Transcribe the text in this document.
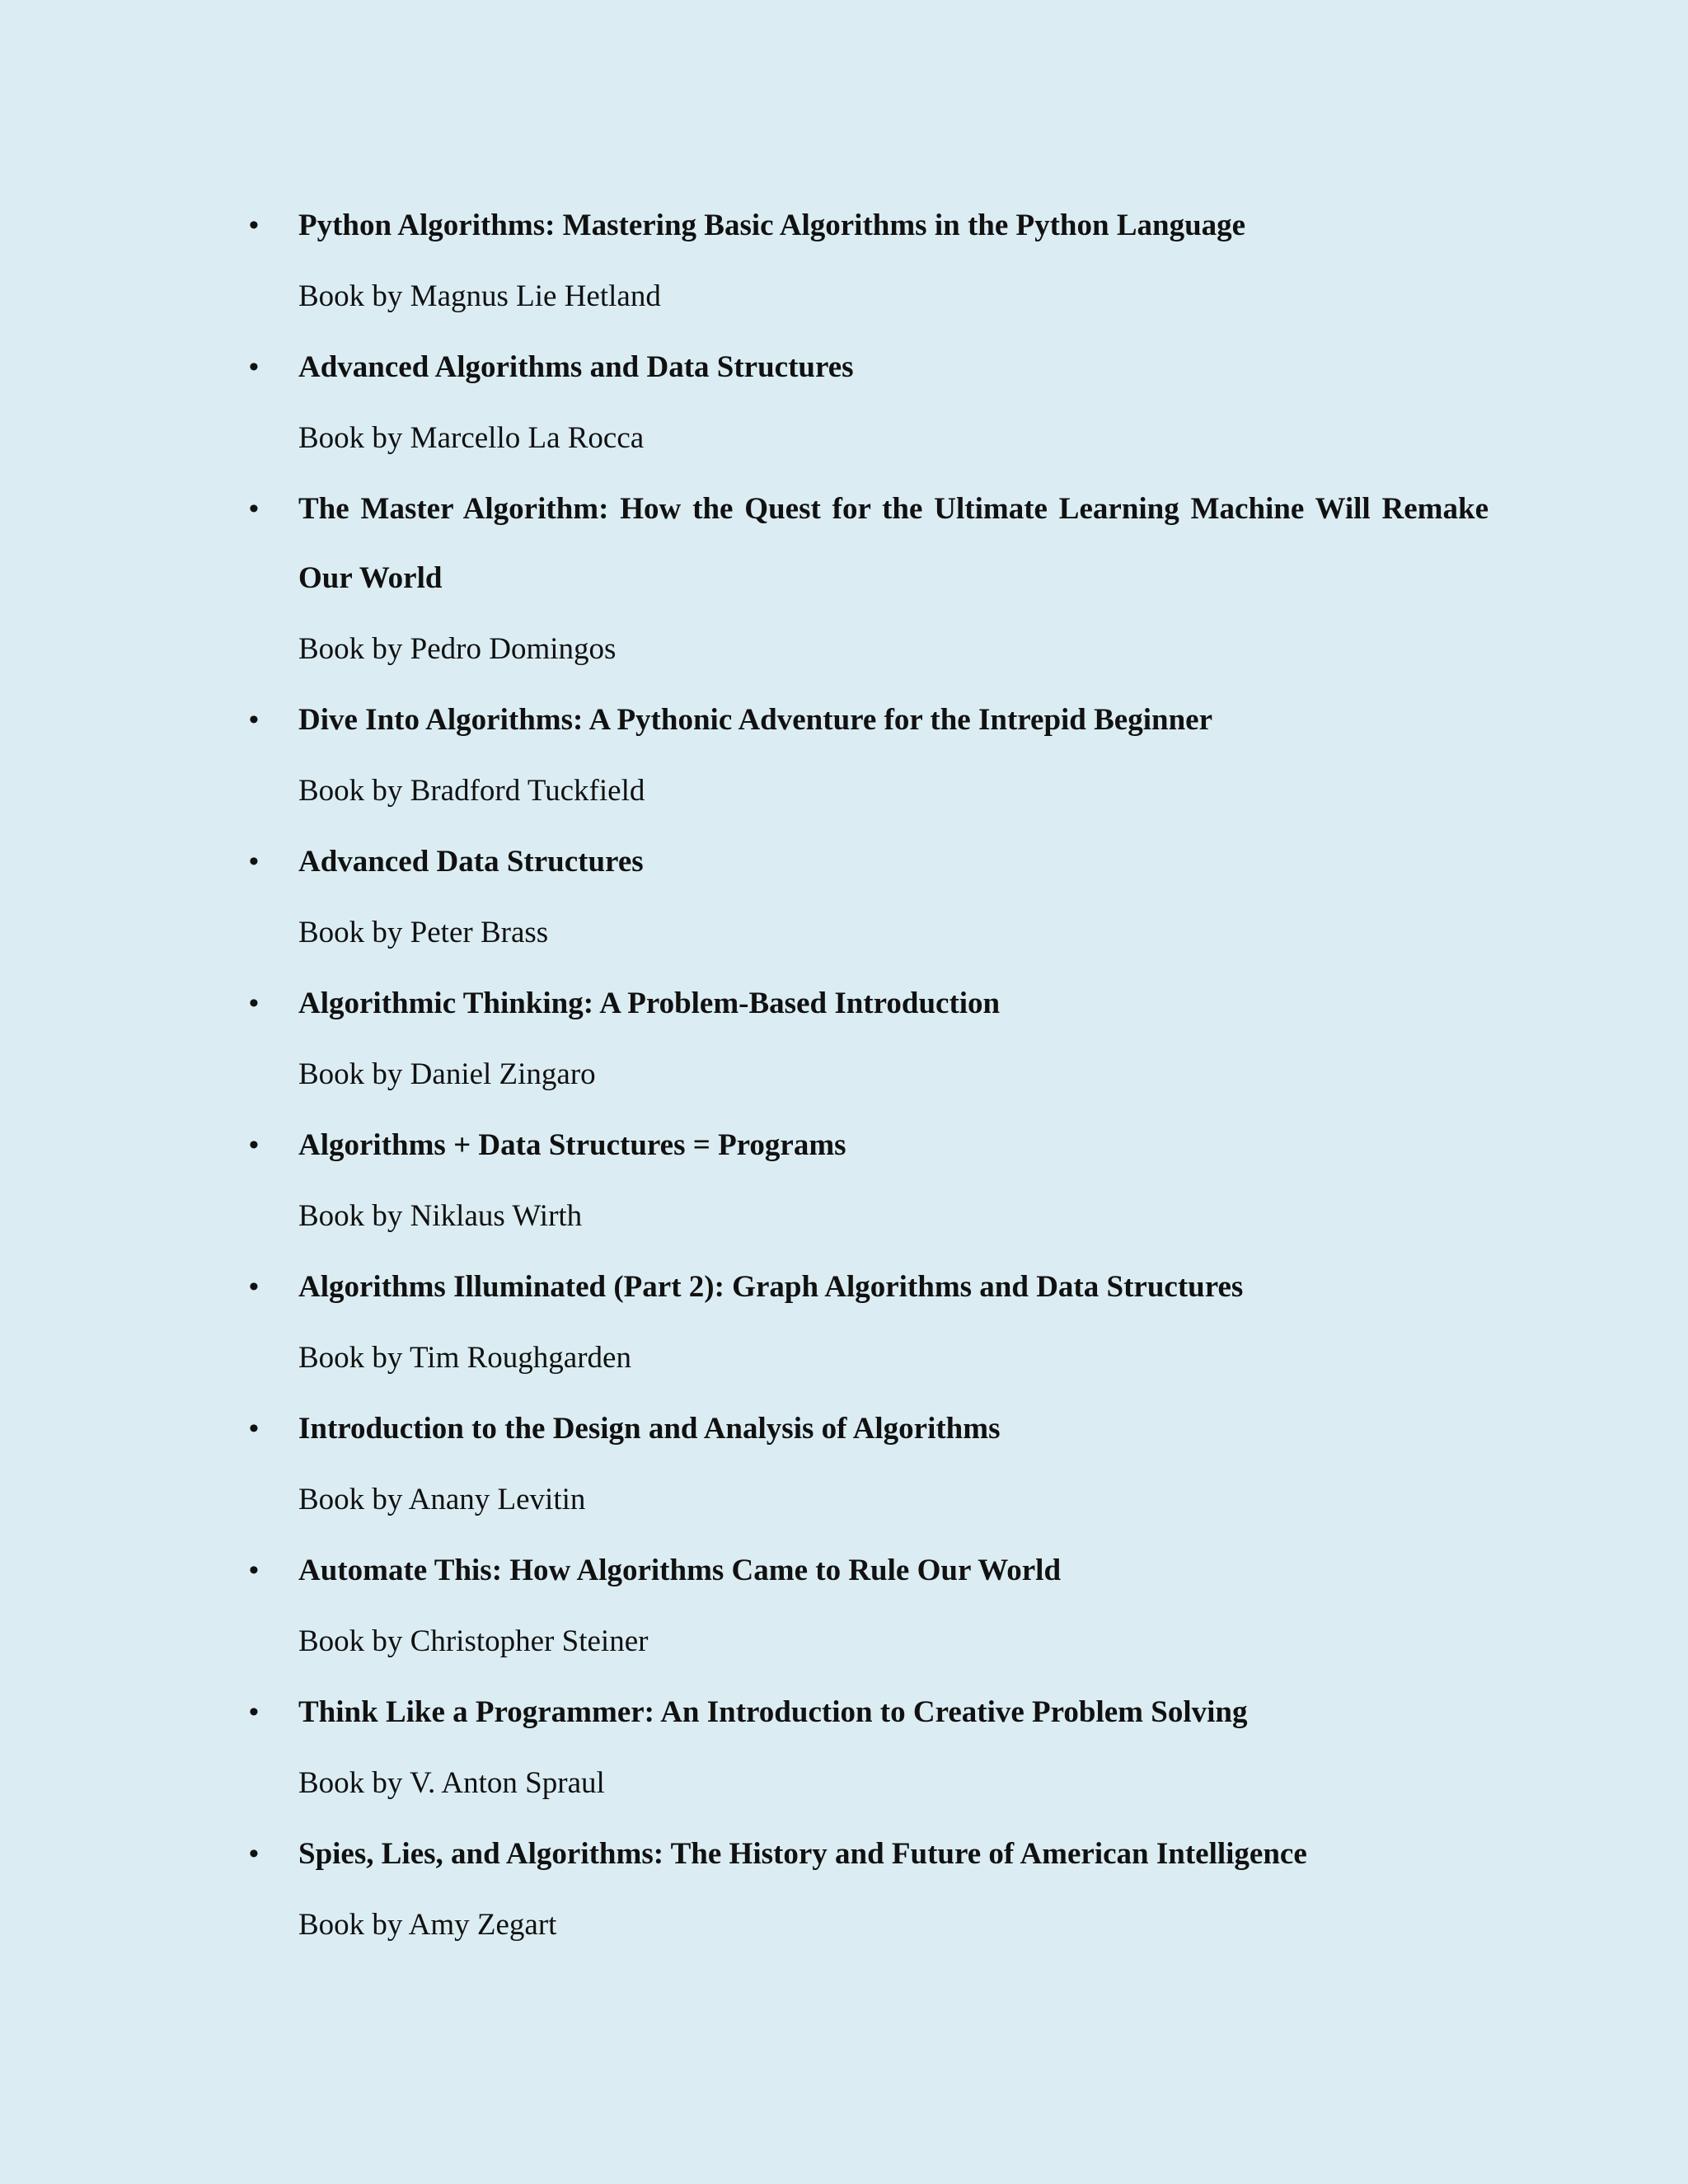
• Python Algorithms: Mastering Basic Algorithms in the Python Language
Book by Magnus Lie Hetland
• Advanced Algorithms and Data Structures
Book by Marcello La Rocca
• The Master Algorithm: How the Quest for the Ultimate Learning Machine Will Remake Our World
Book by Pedro Domingos
• Dive Into Algorithms: A Pythonic Adventure for the Intrepid Beginner
Book by Bradford Tuckfield
• Advanced Data Structures
Book by Peter Brass
• Algorithmic Thinking: A Problem-Based Introduction
Book by Daniel Zingaro
• Algorithms + Data Structures = Programs
Book by Niklaus Wirth
• Algorithms Illuminated (Part 2): Graph Algorithms and Data Structures
Book by Tim Roughgarden
• Introduction to the Design and Analysis of Algorithms
Book by Anany Levitin
• Automate This: How Algorithms Came to Rule Our World
Book by Christopher Steiner
• Think Like a Programmer: An Introduction to Creative Problem Solving
Book by V. Anton Spraul
• Spies, Lies, and Algorithms: The History and Future of American Intelligence
Book by Amy Zegart
